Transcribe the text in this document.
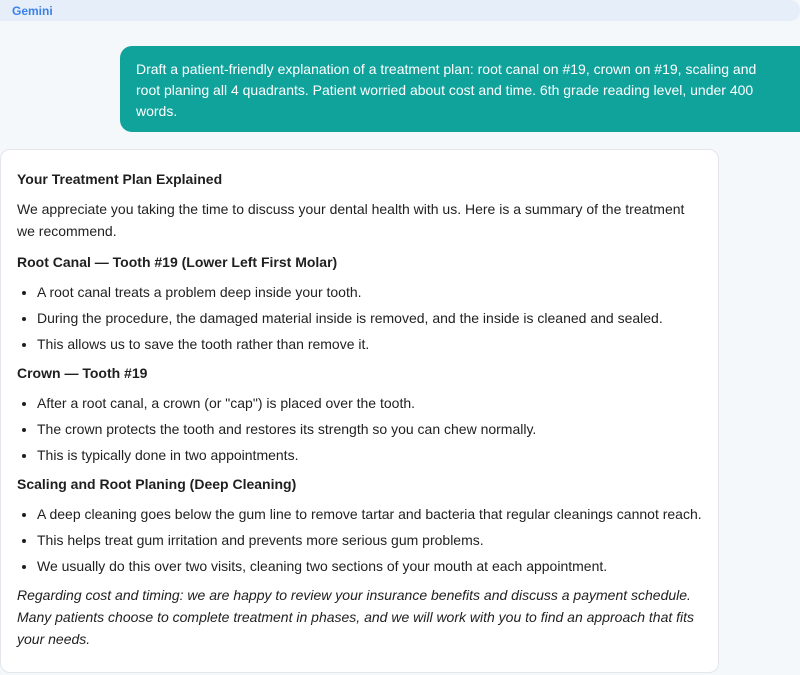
Gemini
Draft a patient-friendly explanation of a treatment plan: root canal on #19, crown on #19, scaling and root planing all 4 quadrants. Patient worried about cost and time. 6th grade reading level, under 400 words.
Your Treatment Plan Explained
We appreciate you taking the time to discuss your dental health with us. Here is a summary of the treatment we recommend.
Root Canal — Tooth #19 (Lower Left First Molar)
• A root canal treats a problem deep inside your tooth.
• During the procedure, the damaged material inside is removed, and the inside is cleaned and sealed.
• This allows us to save the tooth rather than remove it.
Crown — Tooth #19
• After a root canal, a crown (or "cap") is placed over the tooth.
• The crown protects the tooth and restores its strength so you can chew normally.
• This is typically done in two appointments.
Scaling and Root Planing (Deep Cleaning)
• A deep cleaning goes below the gum line to remove tartar and bacteria that regular cleanings cannot reach.
• This helps treat gum irritation and prevents more serious gum problems.
• We usually do this over two visits, cleaning two sections of your mouth at each appointment.
Regarding cost and timing: we are happy to review your insurance benefits and discuss a payment schedule. Many patients choose to complete treatment in phases, and we will work with you to find an approach that fits your needs.
